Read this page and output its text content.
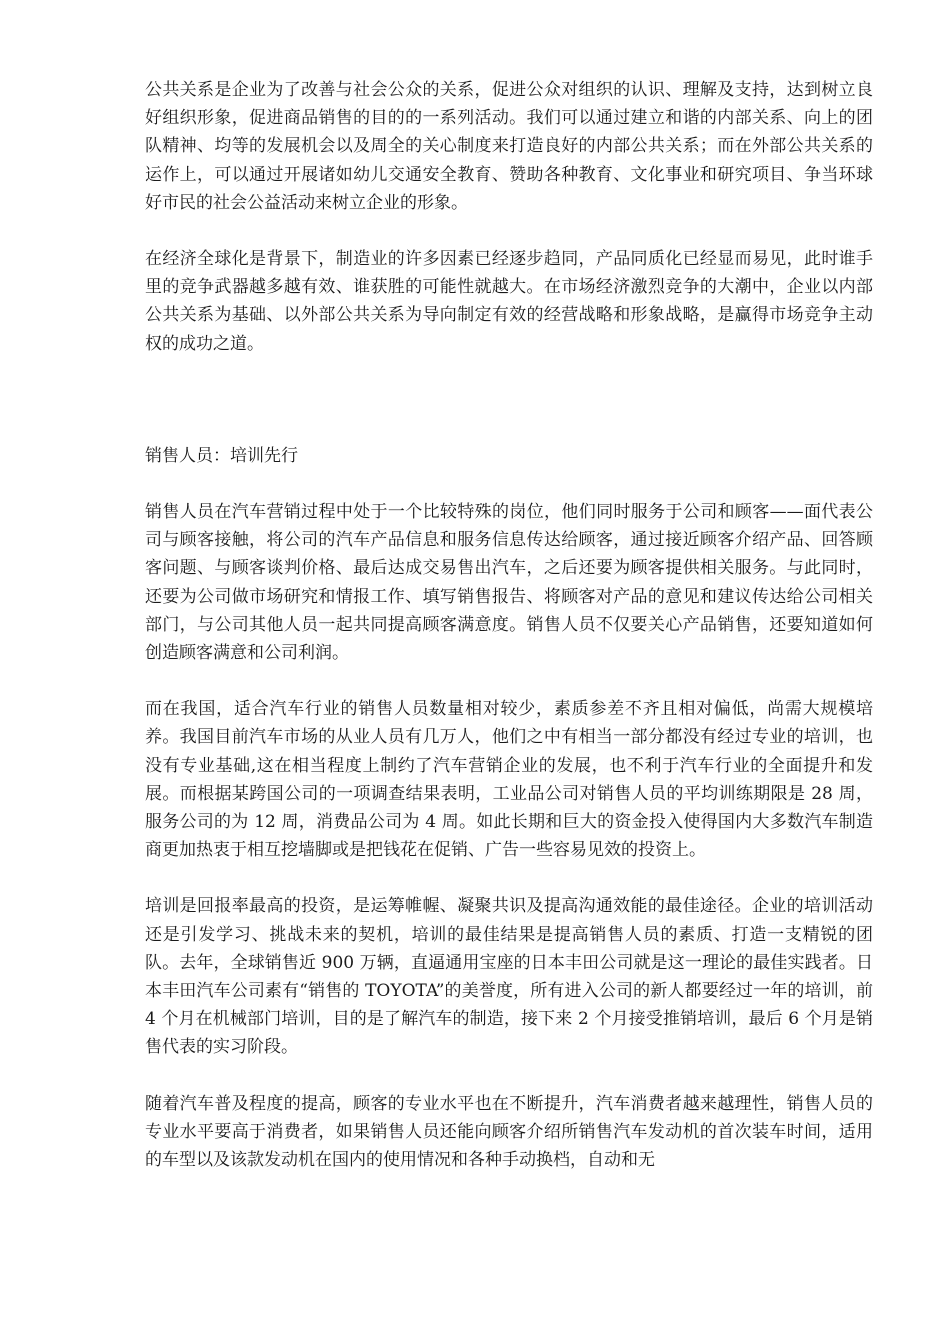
公共关系是企业为了改善与社会公众的关系，促进公众对组织的认识、理解及支持，达到树立良好组织形象，促进商品销售的目的的一系列活动。我们可以通过建立和谐的内部关系、向上的团队精神、均等的发展机会以及周全的关心制度来打造良好的内部公共关系；而在外部公共关系的运作上，可以通过开展诸如幼儿交通安全教育、赞助各种教育、文化事业和研究项目、争当环球好市民的社会公益活动来树立企业的形象。

在经济全球化是背景下，制造业的许多因素已经逐步趋同，产品同质化已经显而易见，此时谁手里的竞争武器越多越有效、谁获胜的可能性就越大。在市场经济激烈竞争的大潮中，企业以内部公共关系为基础、以外部公共关系为导向制定有效的经营战略和形象战略，是赢得市场竞争主动权的成功之道。

销售人员：培训先行

销售人员在汽车营销过程中处于一个比较特殊的岗位，他们同时服务于公司和顾客——面代表公司与顾客接触，将公司的汽车产品信息和服务信息传达给顾客，通过接近顾客介绍产品、回答顾客问题、与顾客谈判价格、最后达成交易售出汽车，之后还要为顾客提供相关服务。与此同时，还要为公司做市场研究和情报工作、填写销售报告、将顾客对产品的意见和建议传达给公司相关部门，与公司其他人员一起共同提高顾客满意度。销售人员不仅要关心产品销售，还要知道如何创造顾客满意和公司利润。

而在我国，适合汽车行业的销售人员数量相对较少，素质参差不齐且相对偏低，尚需大规模培养。我国目前汽车市场的从业人员有几万人，他们之中有相当一部分都没有经过专业的培训，也没有专业基础,这在相当程度上制约了汽车营销企业的发展，也不利于汽车行业的全面提升和发展。而根据某跨国公司的一项调查结果表明，工业品公司对销售人员的平均训练期限是 28 周，服务公司的为 12 周，消费品公司为 4 周。如此长期和巨大的资金投入使得国内大多数汽车制造商更加热衷于相互挖墙脚或是把钱花在促销、广告一些容易见效的投资上。

培训是回报率最高的投资，是运筹帷幄、凝聚共识及提高沟通效能的最佳途径。企业的培训活动还是引发学习、挑战未来的契机，培训的最佳结果是提高销售人员的素质、打造一支精锐的团队。去年，全球销售近 900 万辆，直逼通用宝座的日本丰田公司就是这一理论的最佳实践者。日本丰田汽车公司素有“销售的 TOYOTA”的美誉度，所有进入公司的新人都要经过一年的培训，前 4 个月在机械部门培训，目的是了解汽车的制造，接下来 2 个月接受推销培训，最后 6 个月是销售代表的实习阶段。

随着汽车普及程度的提高，顾客的专业水平也在不断提升，汽车消费者越来越理性，销售人员的专业水平要高于消费者，如果销售人员还能向顾客介绍所销售汽车发动机的首次装车时间，适用的车型以及该款发动机在国内的使用情况和各种手动换档，自动和无
